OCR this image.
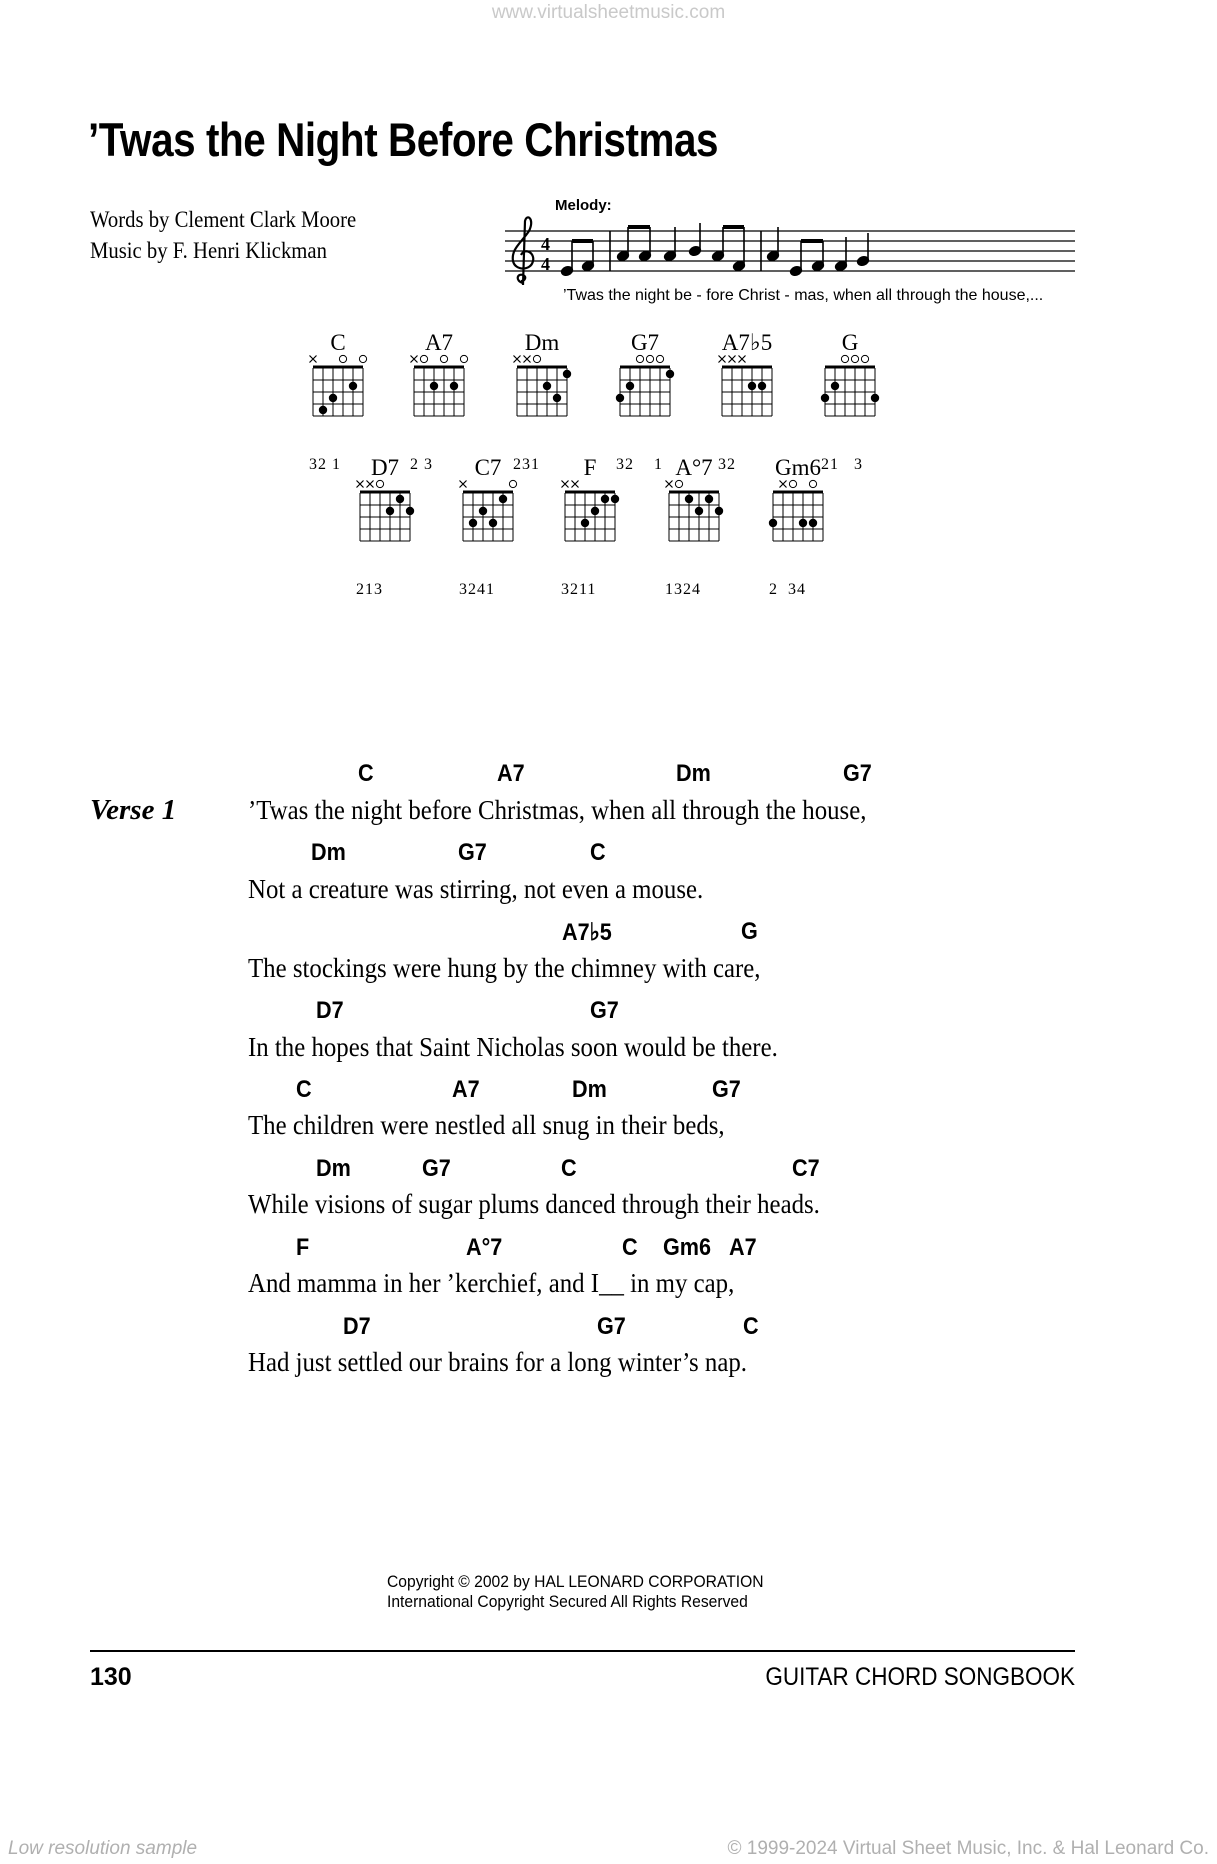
www.virtualsheetmusic.com
’Twas the Night Before Christmas
Words by Clement Clark Moore
Music by F. Henri Klickman
Melody:
4
4
’Twas the night be - fore Christ - mas, when all through the house,...
C
32 1
A7
2 3
Dm
231
G7
32    1
A7♭5
32
G
21   3
D7
213
C7
3241
F
3211
A°7
1324
Gm6
2  34
Verse 1	’Twas the night before Christmas, when all through the house,
C	A7	Dm	G7
Not a creature was stirring, not even a mouse.
Dm	G7	C
The stockings were hung by the chimney with care,
A7♭5	G
In the hopes that Saint Nicholas soon would be there.
D7	G7
The children were nestled all snug in their beds,
C	A7	Dm	G7
While visions of sugar plums danced through their heads.
Dm	G7	C	C7
And mamma in her ’kerchief, and I__ in my cap,
F	A°7	C Gm6 A7
Had just settled our brains for a long winter’s nap.
D7	G7	C
Copyright © 2002 by HAL LEONARD CORPORATION
International Copyright Secured All Rights Reserved
130	GUITAR CHORD SONGBOOK
Low resolution sample	© 1999-2024 Virtual Sheet Music, Inc. & Hal Leonard Co.
